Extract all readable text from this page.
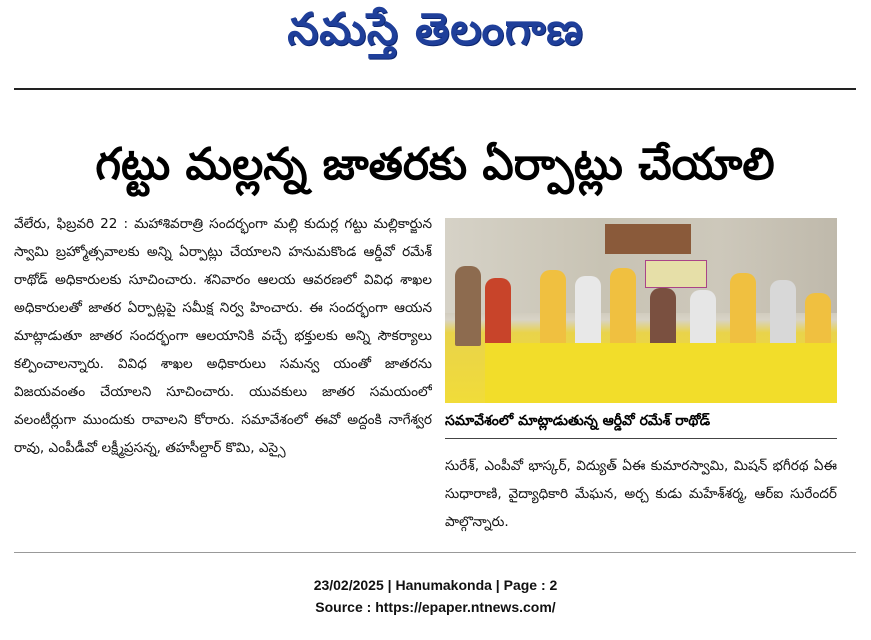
నమస్తే తెలంగాణ
గట్టు మల్లన్న జాతరకు ఏర్పాట్లు చేయాలి
వేలేరు, ఫిబ్రవరి 22 : మహాశివరాత్రి సందర్భంగా మల్లి కుదుర్ల గట్టు మల్లికార్జున స్వామి బ్రహ్మోత్సవాలకు అన్ని ఏర్పాట్లు చేయాలని హనుమకొండ ఆర్డీవో రమేశ్ రాథోడ్ అధికారులకు సూచించారు. శనివారం ఆలయ ఆవరణలో వివిధ శాఖల అధికారులతో జాతర ఏర్పాట్లపై సమీక్ష నిర్వ హించారు. ఈ సందర్భంగా ఆయన మాట్లాడుతూ జాతర సందర్భంగా ఆలయానికి వచ్చే భక్తులకు అన్ని సౌకర్యాలు కల్పించాలన్నారు. వివిధ శాఖల అధికారులు సమన్వ యంతో జాతరను విజయవంతం చేయాలని సూచించారు. యువకులు జాతర సమయంలో వలంటీర్లుగా ముందుకు రావాలని కోరారు. సమావేశంలో ఈవో అద్దంకి నాగేశ్వర రావు, ఎంపీడీవో లక్ష్మీప్రసన్న, తహసీల్దార్ కొమి, ఎస్సై
సమావేశంలో మాట్లాడుతున్న ఆర్డీవో రమేశ్ రాథోడ్
సురేశ్, ఎంపీవో భాస్కర్, విద్యుత్ ఏఈ కుమారస్వామి, మిషన్ భగీరథ ఏఈ సుధారాణి, వైద్యాధికారి మేఘన, అర్చ కుడు మహేశ్‌శర్మ, ఆర్ఐ సురేందర్ పాల్గొన్నారు.
23/02/2025 | Hanumakonda | Page : 2
Source : https://epaper.ntnews.com/
